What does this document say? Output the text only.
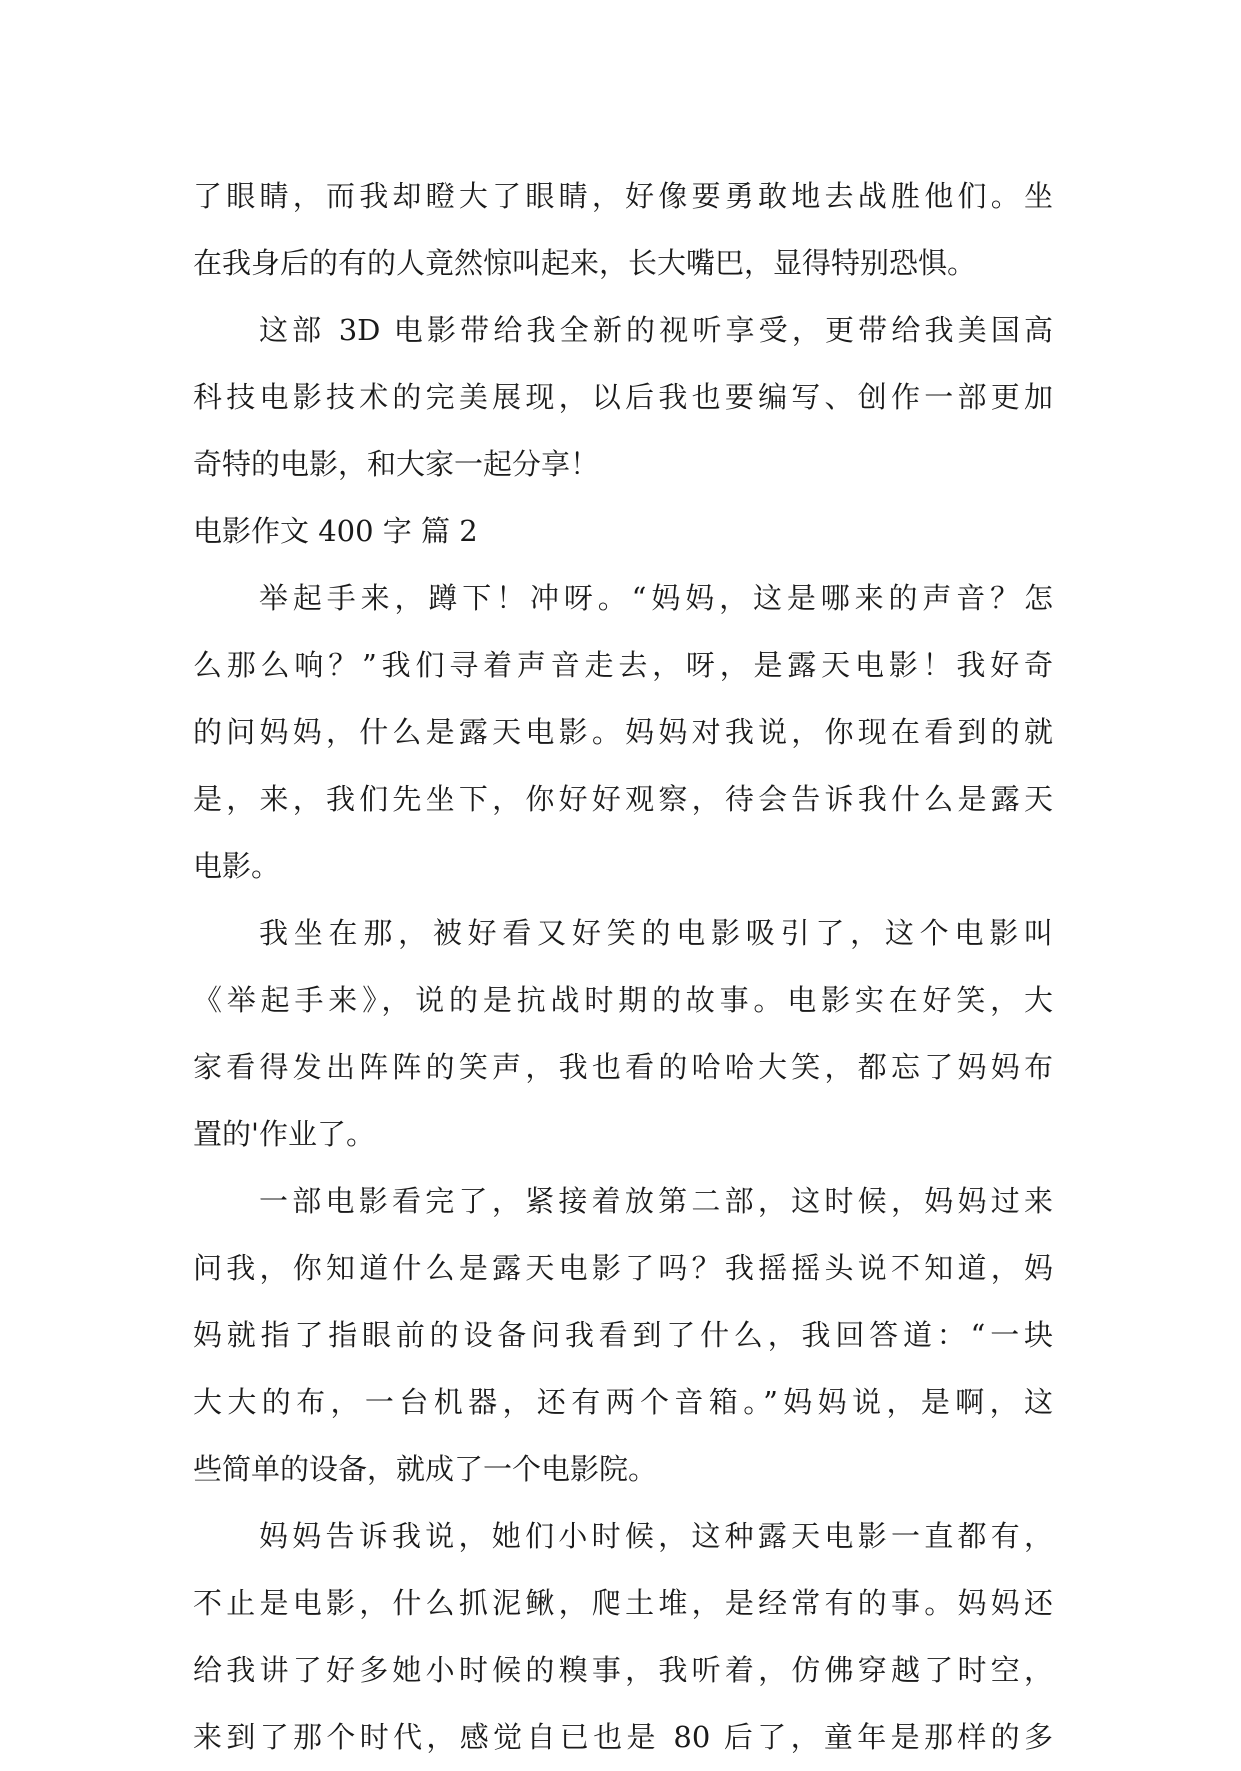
了眼睛，而我却瞪大了眼睛，好像要勇敢地去战胜他们。坐
在我身后的有的人竟然惊叫起来，长大嘴巴，显得特别恐惧。
这部 3D 电影带给我全新的视听享受，更带给我美国高
科技电影技术的完美展现，以后我也要编写、创作一部更加
奇特的电影，和大家一起分享！
电影作文 400 字 篇 2
举起手来，蹲下！冲呀。“妈妈，这是哪来的声音？怎
么那么响？”我们寻着声音走去，呀，是露天电影！我好奇
的问妈妈，什么是露天电影。妈妈对我说，你现在看到的就
是，来，我们先坐下，你好好观察，待会告诉我什么是露天
电影。
我坐在那，被好看又好笑的电影吸引了，这个电影叫
《举起手来》，说的是抗战时期的故事。电影实在好笑，大
家看得发出阵阵的笑声，我也看的哈哈大笑，都忘了妈妈布
置的'作业了。
一部电影看完了，紧接着放第二部，这时候，妈妈过来
问我，你知道什么是露天电影了吗？我摇摇头说不知道，妈
妈就指了指眼前的设备问我看到了什么，我回答道：“一块
大大的布，一台机器，还有两个音箱。”妈妈说，是啊，这
些简单的设备，就成了一个电影院。
妈妈告诉我说，她们小时候，这种露天电影一直都有，
不止是电影，什么抓泥鳅，爬土堆，是经常有的事。妈妈还
给我讲了好多她小时候的糗事，我听着，仿佛穿越了时空，
来到了那个时代，感觉自已也是 80 后了，童年是那样的多
